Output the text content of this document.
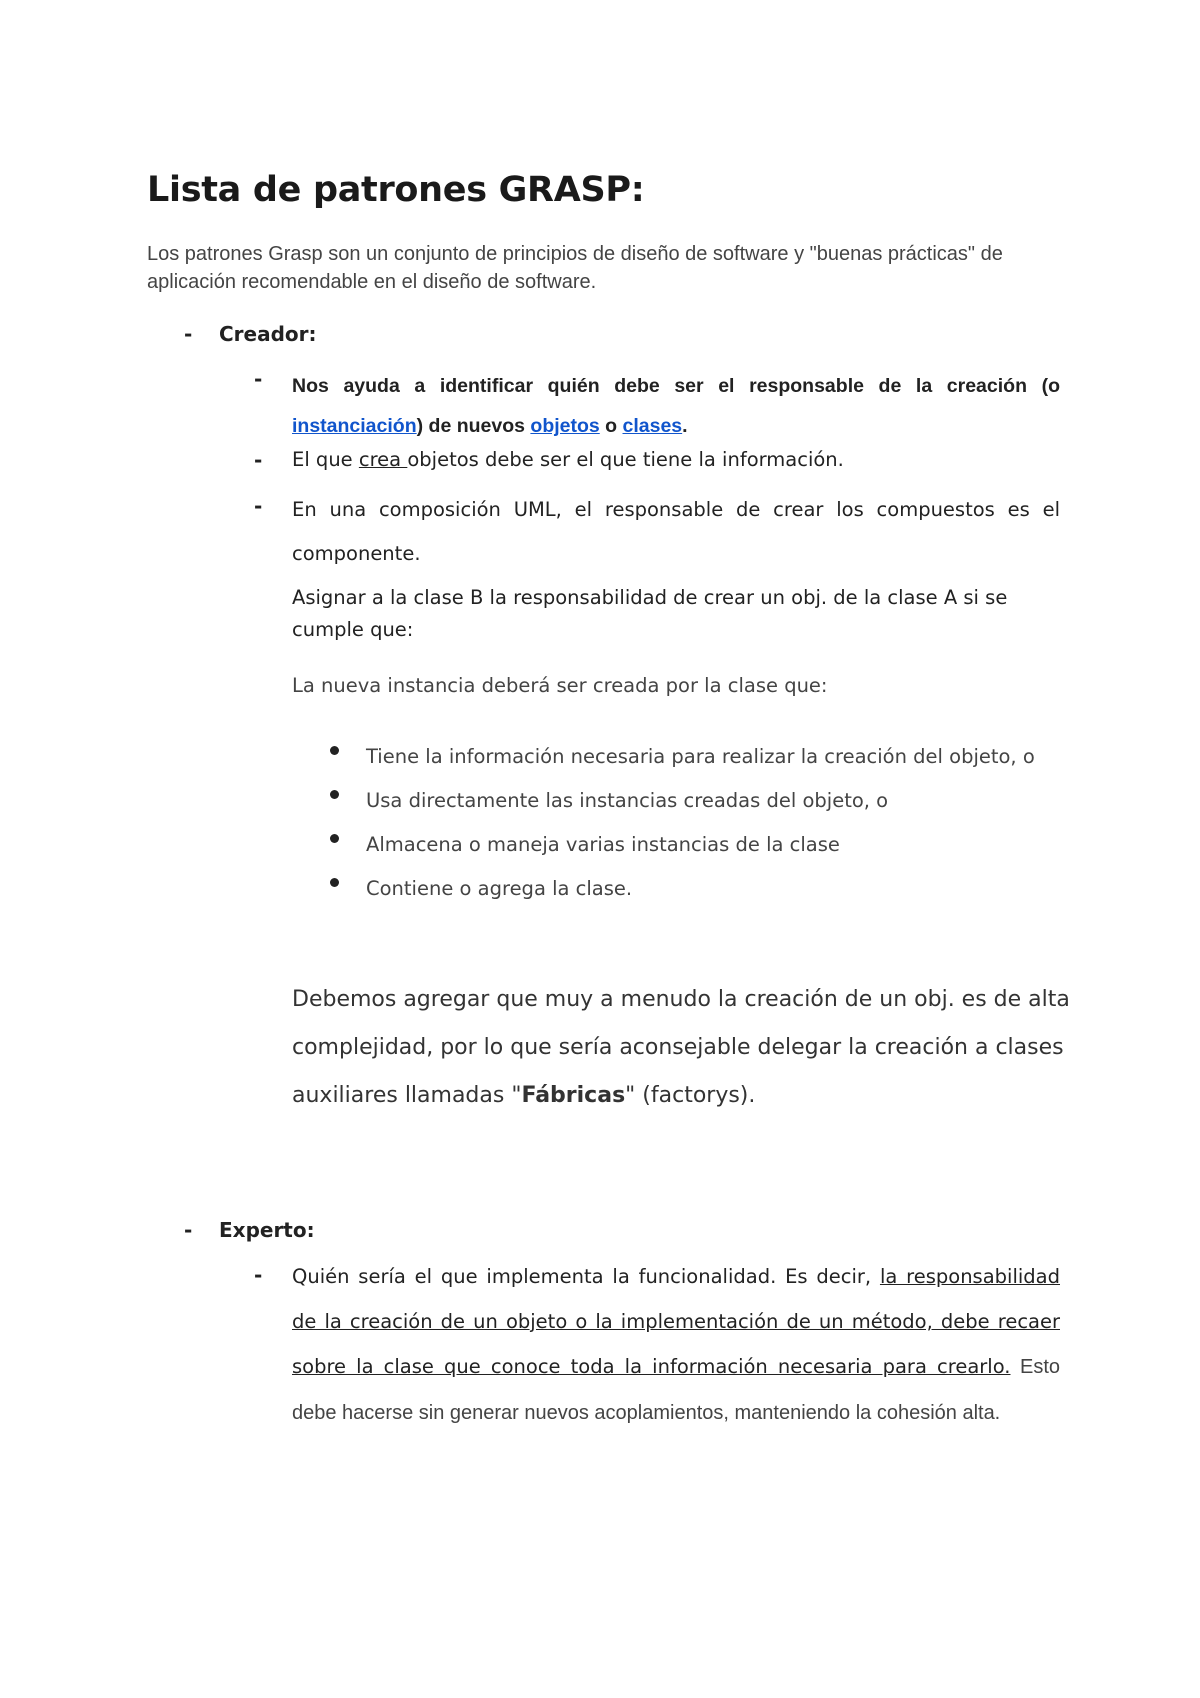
Lista de patrones GRASP:

Los patrones Grasp son un conjunto de principios de diseño de software y "buenas prácticas" de aplicación recomendable en el diseño de software.

- Creador:
- Nos ayuda a identificar quién debe ser el responsable de la creación (o instanciación) de nuevos objetos o clases.

- El que crea objetos debe ser el que tiene la información.

- En una composición UML, el responsable de crear los compuestos es el componente.

Asignar a la clase B la responsabilidad de crear un obj. de la clase A si se cumple que:

La nueva instancia deberá ser creada por la clase que:

Tiene la información necesaria para realizar la creación del objeto, o
Usa directamente las instancias creadas del objeto, o
Almacena o maneja varias instancias de la clase
Contiene o agrega la clase.

Debemos agregar que muy a menudo la creación de un obj. es de alta complejidad, por lo que sería aconsejable delegar la creación a clases auxiliares llamadas "Fábricas" (factorys).

- Experto:
- Quién sería el que implementa la funcionalidad. Es decir, la responsabilidad de la creación de un objeto o la implementación de un método, debe recaer sobre la clase que conoce toda la información necesaria para crearlo. Esto debe hacerse sin generar nuevos acoplamientos, manteniendo la cohesión alta.
